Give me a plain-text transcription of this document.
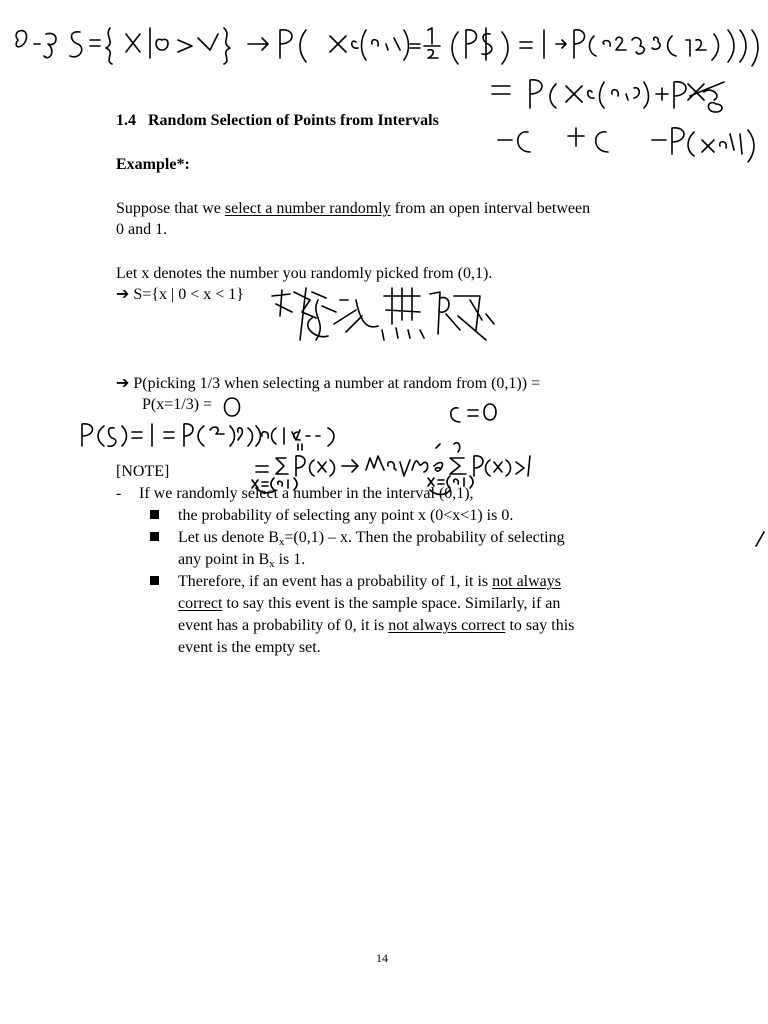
1.4 Random Selection of Points from Intervals
Example*:
Suppose that we select a number randomly from an open interval between
0 and 1.
Let x denotes the number you randomly picked from (0,1).
➔ S={x | 0 < x < 1}
➔ P(picking 1/3 when selecting a number at random from (0,1)) =
P(x=1/3) =
[NOTE]
- If we randomly select a number in the interval (0,1),
the probability of selecting any point x (0<x<1) is 0.
Let us denote $B_x=(0,1) - x$. Then the probability of selecting
any point in $B_x$ is 1.
Therefore, if an event has a probability of 1, it is not always
correct to say this event is the sample space. Similarly, if an
event has a probability of 0, it is not always correct to say this
event is the empty set.
14
